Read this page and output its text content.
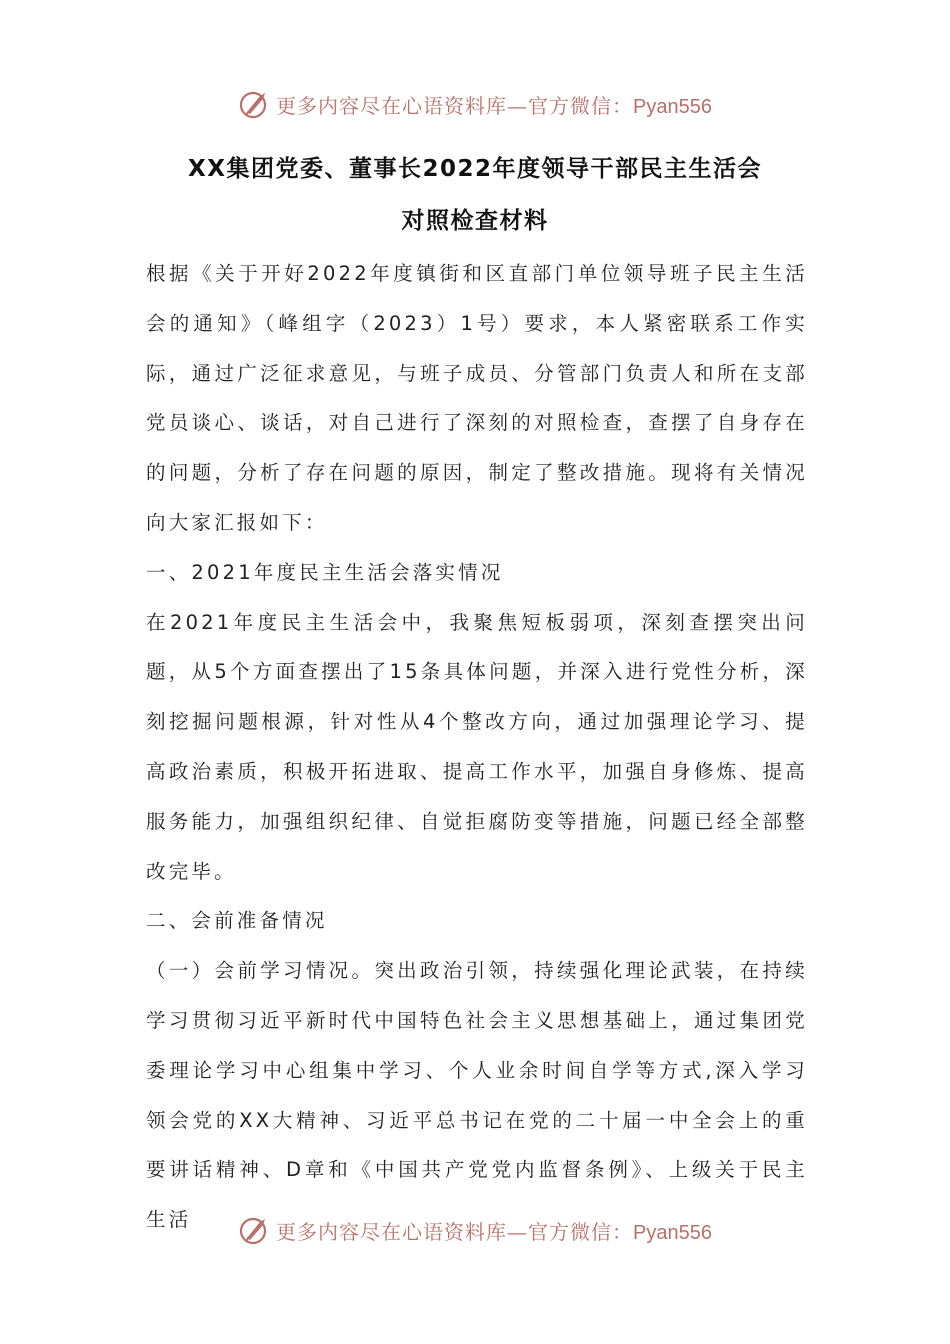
更多内容尽在心语资料库—官方微信：Pyan556
XX集团党委、董事长2022年度领导干部民主生活会
对照检查材料

根据《关于开好2022年度镇街和区直部门单位领导班子民主生活会的通知》（峰组字（2023）1号）要求，本人紧密联系工作实际，通过广泛征求意见，与班子成员、分管部门负责人和所在支部党员谈心、谈话，对自己进行了深刻的对照检查，查摆了自身存在的问题，分析了存在问题的原因，制定了整改措施。现将有关情况向大家汇报如下：

一、2021年度民主生活会落实情况

在2021年度民主生活会中，我聚焦短板弱项，深刻查摆突出问题，从5个方面查摆出了15条具体问题，并深入进行党性分析，深刻挖掘问题根源，针对性从4个整改方向，通过加强理论学习、提高政治素质，积极开拓进取、提高工作水平，加强自身修炼、提高服务能力，加强组织纪律、自觉拒腐防变等措施，问题已经全部整改完毕。

二、会前准备情况

（一）会前学习情况。突出政治引领，持续强化理论武装，在持续学习贯彻习近平新时代中国特色社会主义思想基础上，通过集团党委理论学习中心组集中学习、个人业余时间自学等方式,深入学习领会党的XX大精神、习近平总书记在党的二十届一中全会上的重要讲话精神、D章和《中国共产党党内监督条例》、上级关于民主生活	更多内容尽在心语资料库—官方微信：Pyan556
